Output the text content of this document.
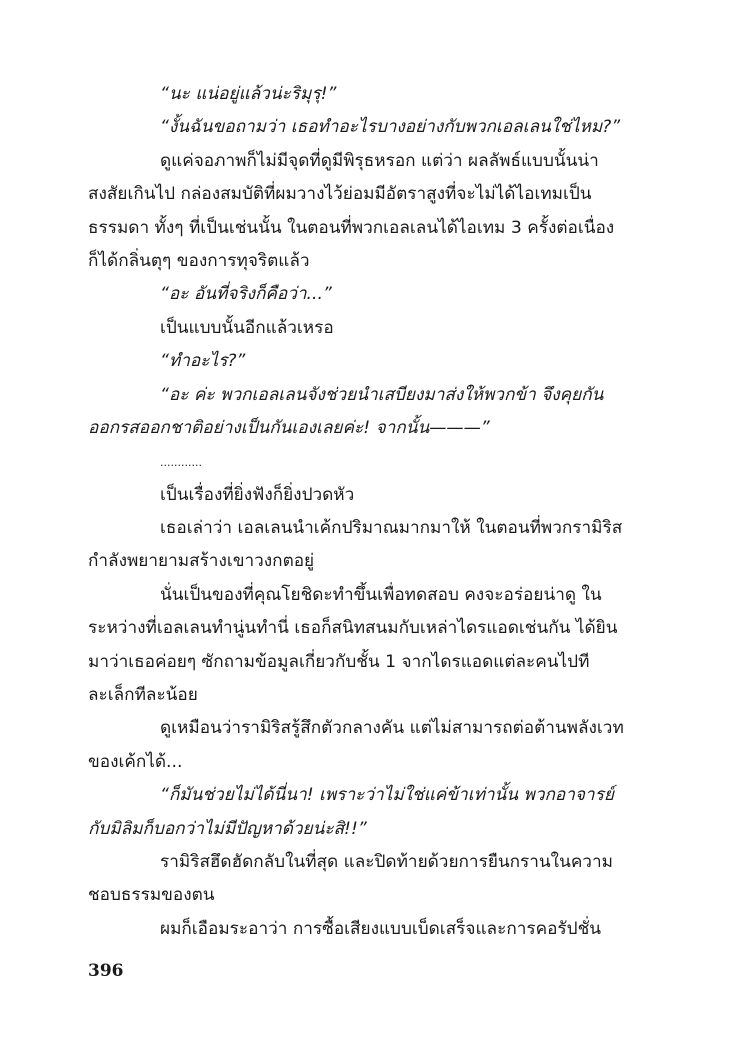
“นะ แน่อยู่แล้วน่ะริมุรุ!”
“งั้นฉันขอถามว่า เธอทำอะไรบางอย่างกับพวกเอลเลนใช่ไหม?”
ดูแค่จอภาพก็ไม่มีจุดที่ดูมีพิรุธหรอก แต่ว่า ผลลัพธ์แบบนั้นน่า
สงสัยเกินไป กล่องสมบัติที่ผมวางไว้ย่อมมีอัตราสูงที่จะไม่ได้ไอเทมเป็น
ธรรมดา ทั้งๆ ที่เป็นเช่นนั้น ในตอนที่พวกเอลเลนได้ไอเทม 3 ครั้งต่อเนื่อง
ก็ได้กลิ่นตุๆ ของการทุจริตแล้ว
“อะ อันที่จริงก็คือว่า...”
เป็นแบบนั้นอีกแล้วเหรอ
“ทำอะไร?”
“อะ ค่ะ พวกเอลเลนจังช่วยนำเสบียงมาส่งให้พวกข้า จึงคุยกัน
ออกรสออกชาติอย่างเป็นกันเองเลยค่ะ! จากนั้น———”
............
เป็นเรื่องที่ยิ่งฟังก็ยิ่งปวดหัว
เธอเล่าว่า เอลเลนนำเค้กปริมาณมากมาให้ ในตอนที่พวกรามิริส
กำลังพยายามสร้างเขาวงกตอยู่
นั่นเป็นของที่คุณโยชิดะทำขึ้นเพื่อทดสอบ คงจะอร่อยน่าดู ใน
ระหว่างที่เอลเลนทำนู่นทำนี่ เธอก็สนิทสนมกับเหล่าไดรแอดเช่นกัน ได้ยิน
มาว่าเธอค่อยๆ ซักถามข้อมูลเกี่ยวกับชั้น 1 จากไดรแอดแต่ละคนไปที
ละเล็กทีละน้อย
ดูเหมือนว่ารามิริสรู้สึกตัวกลางคัน แต่ไม่สามารถต่อต้านพลังเวท
ของเค้กได้...
“ก็มันช่วยไม่ได้นี่นา! เพราะว่าไม่ใช่แค่ข้าเท่านั้น พวกอาจารย์
กับมิลิมก็บอกว่าไม่มีปัญหาด้วยน่ะสิ!!”
รามิริสฮึดฮัดกลับในที่สุด และปิดท้ายด้วยการยืนกรานในความ
ชอบธรรมของตน
ผมก็เอือมระอาว่า การซื้อเสียงแบบเบ็ดเสร็จและการคอรัปชั่น
396
